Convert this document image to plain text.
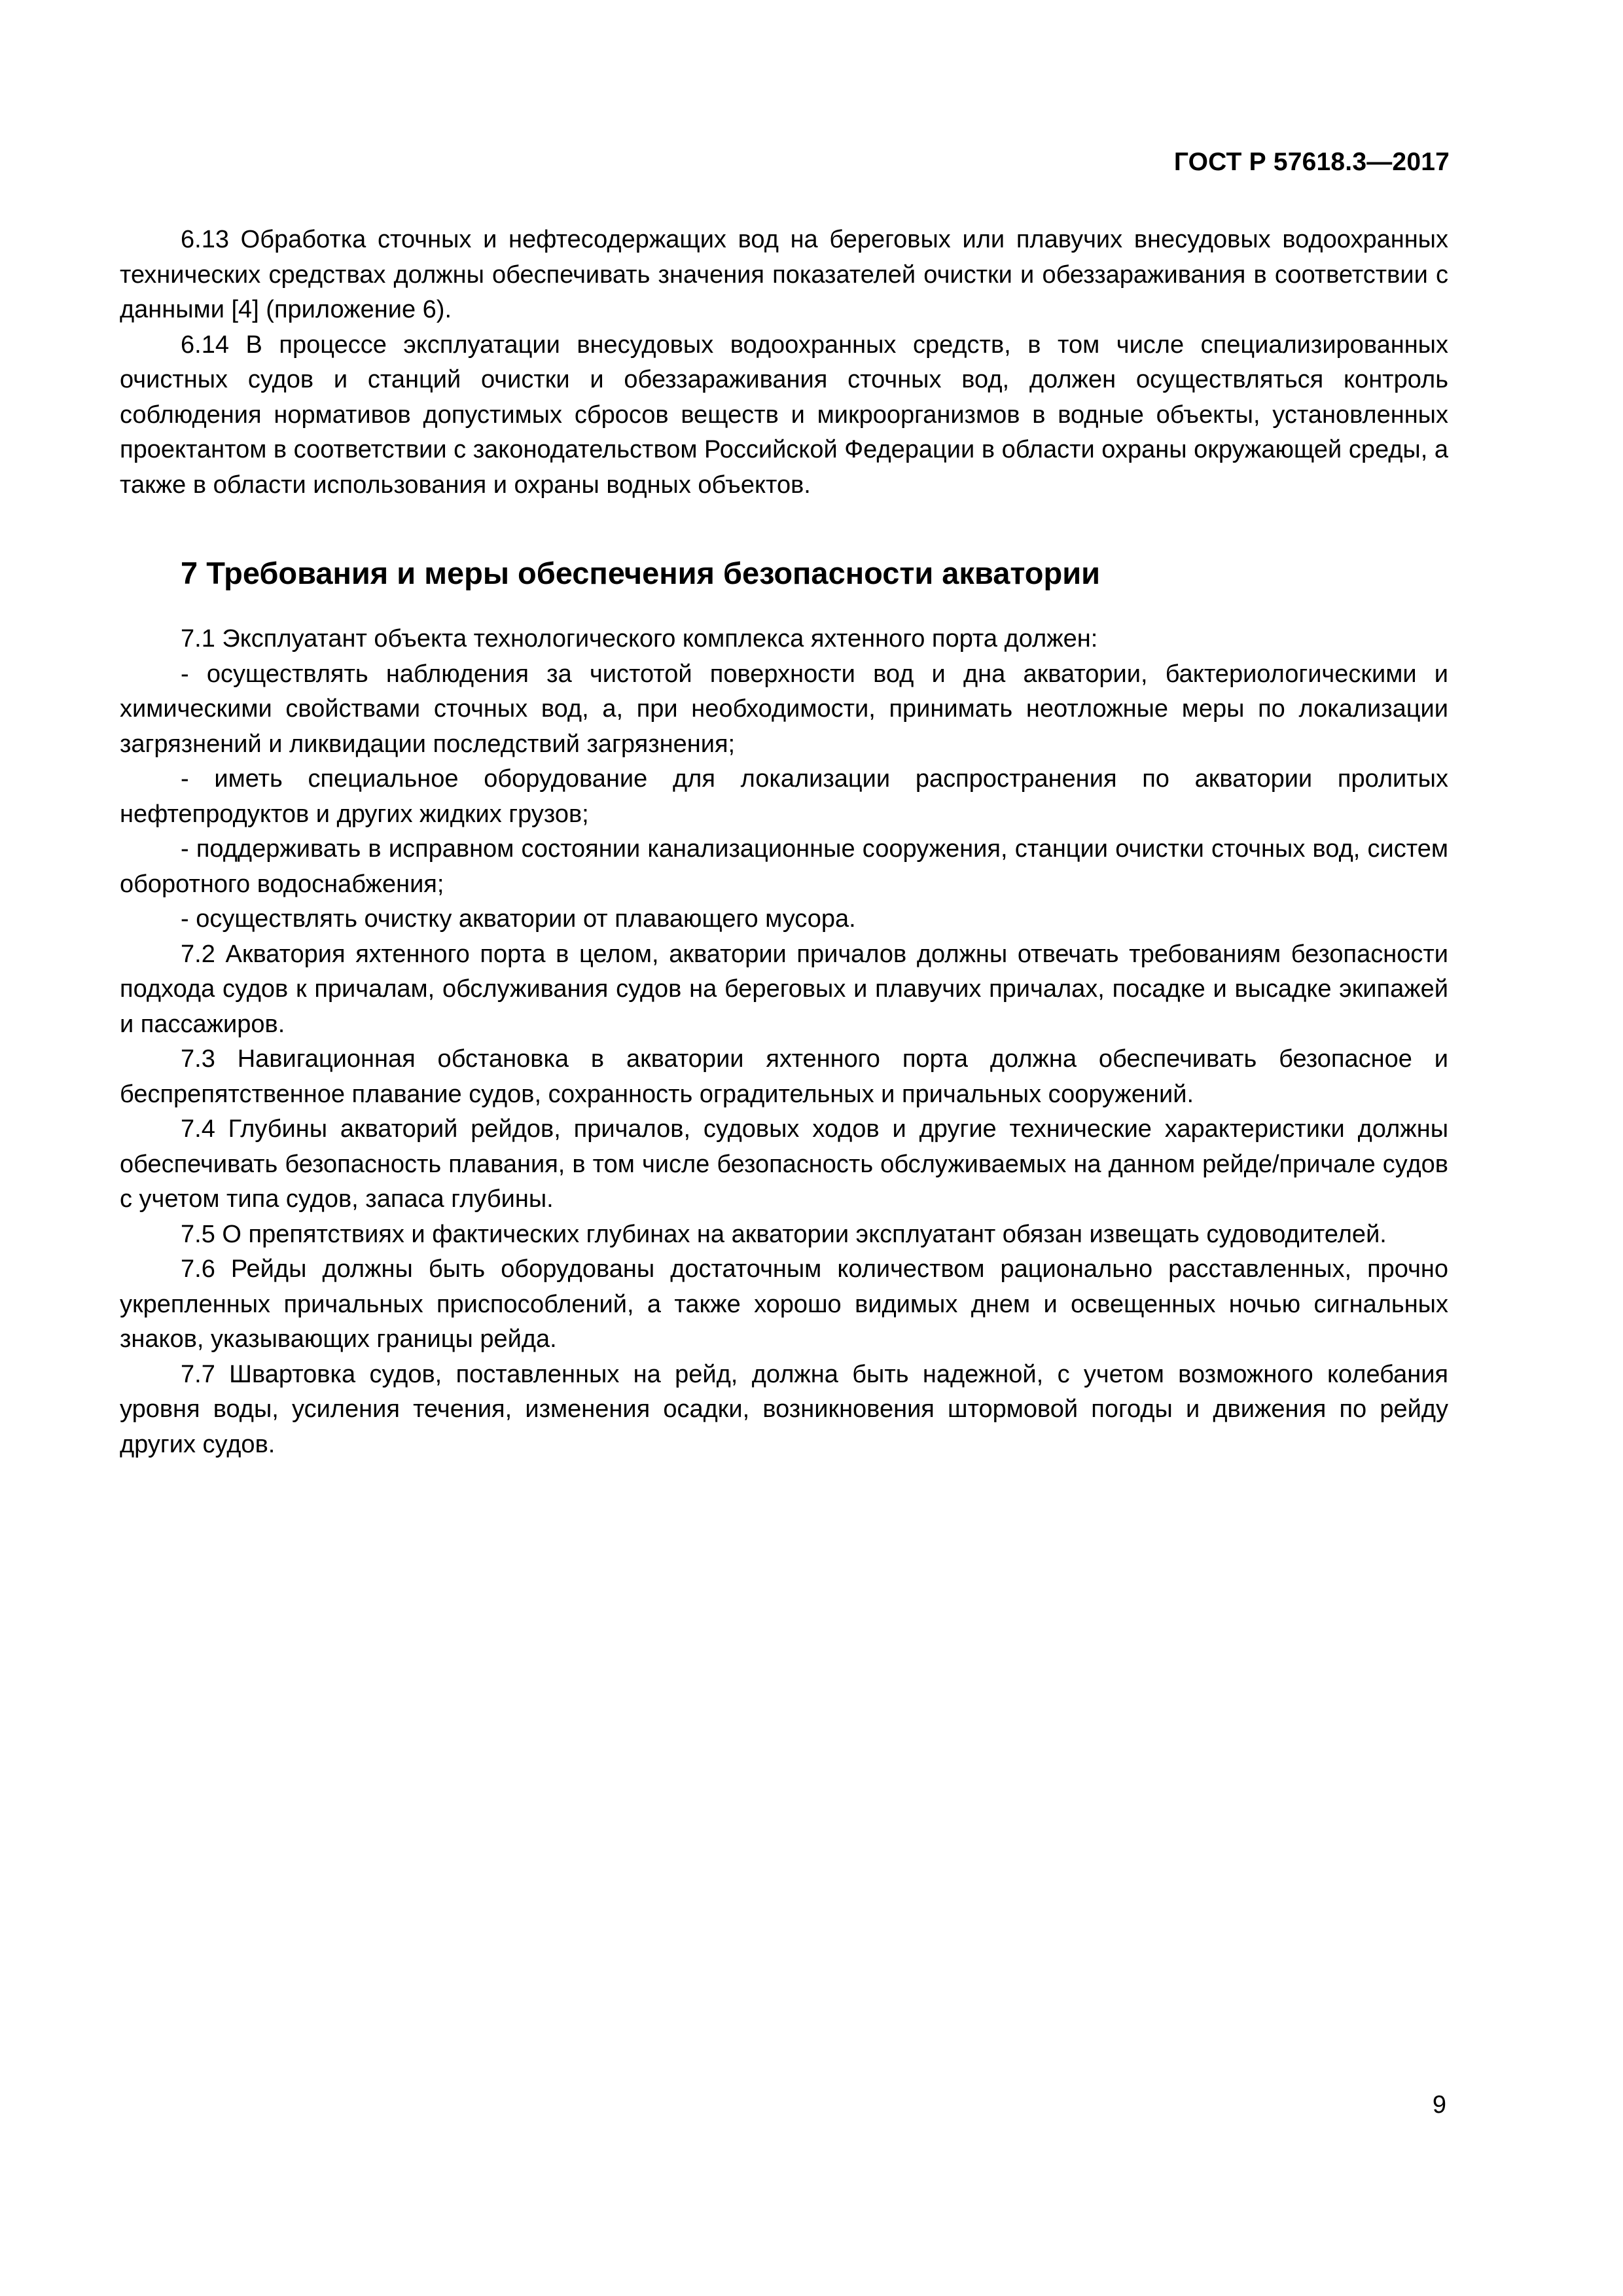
ГОСТ Р 57618.3—2017

6.13 Обработка сточных и нефтесодержащих вод на береговых или плавучих внесудовых водоохранных технических средствах должны обеспечивать значения показателей очистки и обеззараживания в соответствии с данными [4] (приложение 6).

6.14 В процессе эксплуатации внесудовых водоохранных средств, в том числе специализированных очистных судов и станций очистки и обеззараживания сточных вод, должен осуществляться контроль соблюдения нормативов допустимых сбросов веществ и микроорганизмов в водные объекты, установленных проектантом в соответствии с законодательством Российской Федерации в области охраны окружающей среды, а также в области использования и охраны водных объектов.

7 Требования и меры обеспечения безопасности акватории

7.1 Эксплуатант объекта технологического комплекса яхтенного порта должен:

- осуществлять наблюдения за чистотой поверхности вод и дна акватории, бактериологическими и химическими свойствами сточных вод, а, при необходимости, принимать неотложные меры по локализации загрязнений и ликвидации последствий загрязнения;

- иметь специальное оборудование для локализации распространения по акватории пролитых нефтепродуктов и других жидких грузов;

- поддерживать в исправном состоянии канализационные сооружения, станции очистки сточных вод, систем оборотного водоснабжения;

- осуществлять очистку акватории от плавающего мусора.

7.2 Акватория яхтенного порта в целом, акватории причалов должны отвечать требованиям безопасности подхода судов к причалам, обслуживания судов на береговых и плавучих причалах, посадке и высадке экипажей и пассажиров.

7.3 Навигационная обстановка в акватории яхтенного порта должна обеспечивать безопасное и беспрепятственное плавание судов, сохранность оградительных и причальных сооружений.

7.4 Глубины акваторий рейдов, причалов, судовых ходов и другие технические характеристики должны обеспечивать безопасность плавания, в том числе безопасность обслуживаемых на данном рейде/причале судов с учетом типа судов, запаса глубины.

7.5 О препятствиях и фактических глубинах на акватории эксплуатант обязан извещать судоводителей.

7.6 Рейды должны быть оборудованы достаточным количеством рационально расставленных, прочно укрепленных причальных приспособлений, а также хорошо видимых днем и освещенных ночью сигнальных знаков, указывающих границы рейда.

7.7 Швартовка судов, поставленных на рейд, должна быть надежной, с учетом возможного колебания уровня воды, усиления течения, изменения осадки, возникновения штормовой погоды и движения по рейду других судов.

9
